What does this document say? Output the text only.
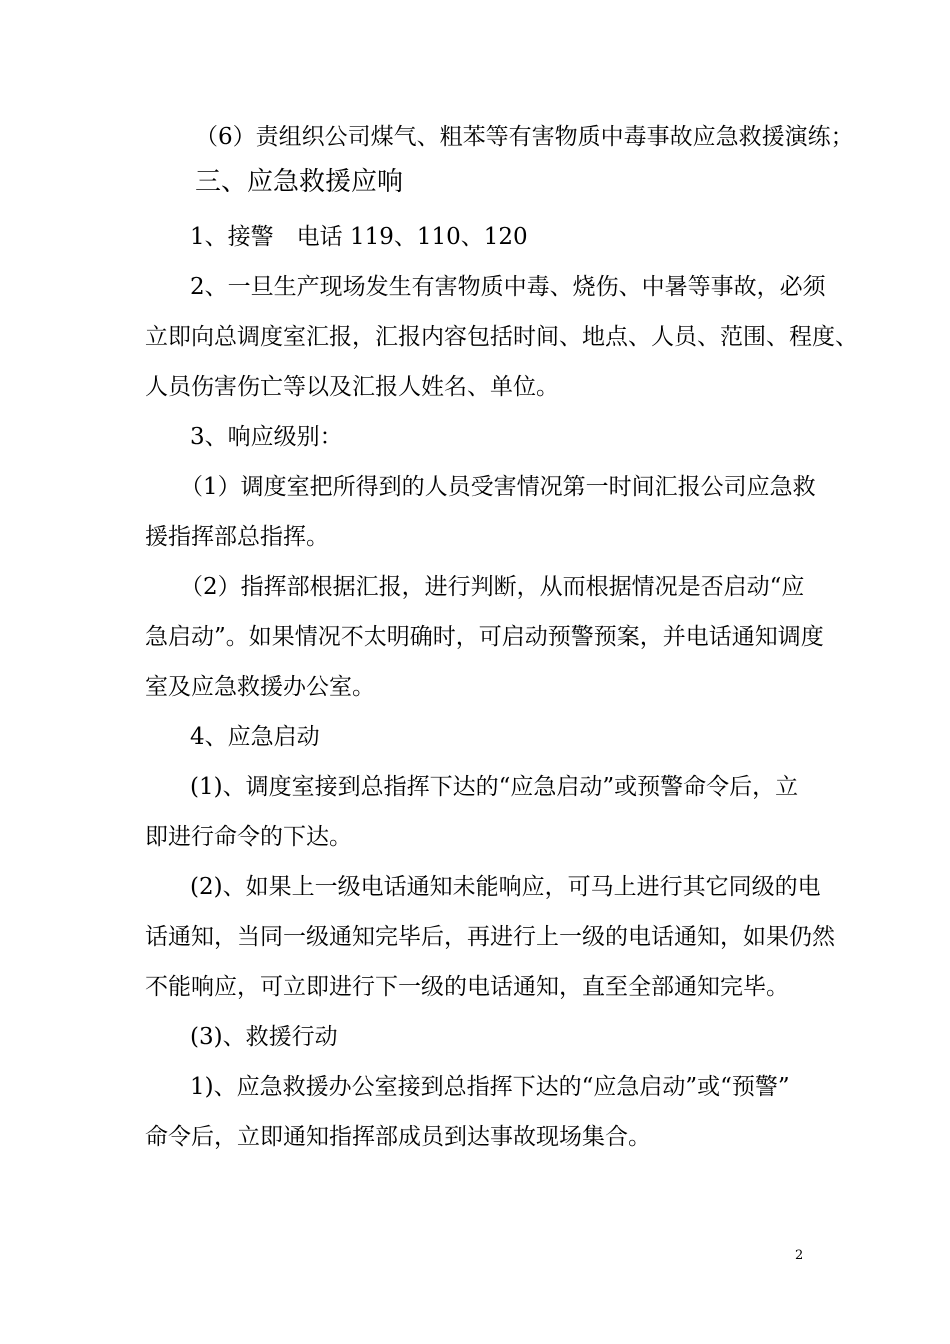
（6）责组织公司煤气、粗苯等有害物质中毒事故应急救援演练；
三、应急救援应响
1、接警　电话 119、110、120
2、一旦生产现场发生有害物质中毒、烧伤、中暑等事故，必须
立即向总调度室汇报，汇报内容包括时间、地点、人员、范围、程度、
人员伤害伤亡等以及汇报人姓名、单位。
3、响应级别：
（1）调度室把所得到的人员受害情况第一时间汇报公司应急救
援指挥部总指挥。
（2）指挥部根据汇报，进行判断，从而根据情况是否启动“应
急启动”。如果情况不太明确时，可启动预警预案，并电话通知调度
室及应急救援办公室。
4、应急启动
(1)、调度室接到总指挥下达的“应急启动”或预警命令后，立
即进行命令的下达。
(2)、如果上一级电话通知未能响应，可马上进行其它同级的电
话通知，当同一级通知完毕后，再进行上一级的电话通知，如果仍然
不能响应，可立即进行下一级的电话通知，直至全部通知完毕。
(3)、救援行动
1)、应急救援办公室接到总指挥下达的“应急启动”或“预警”
命令后，立即通知指挥部成员到达事故现场集合。
2
